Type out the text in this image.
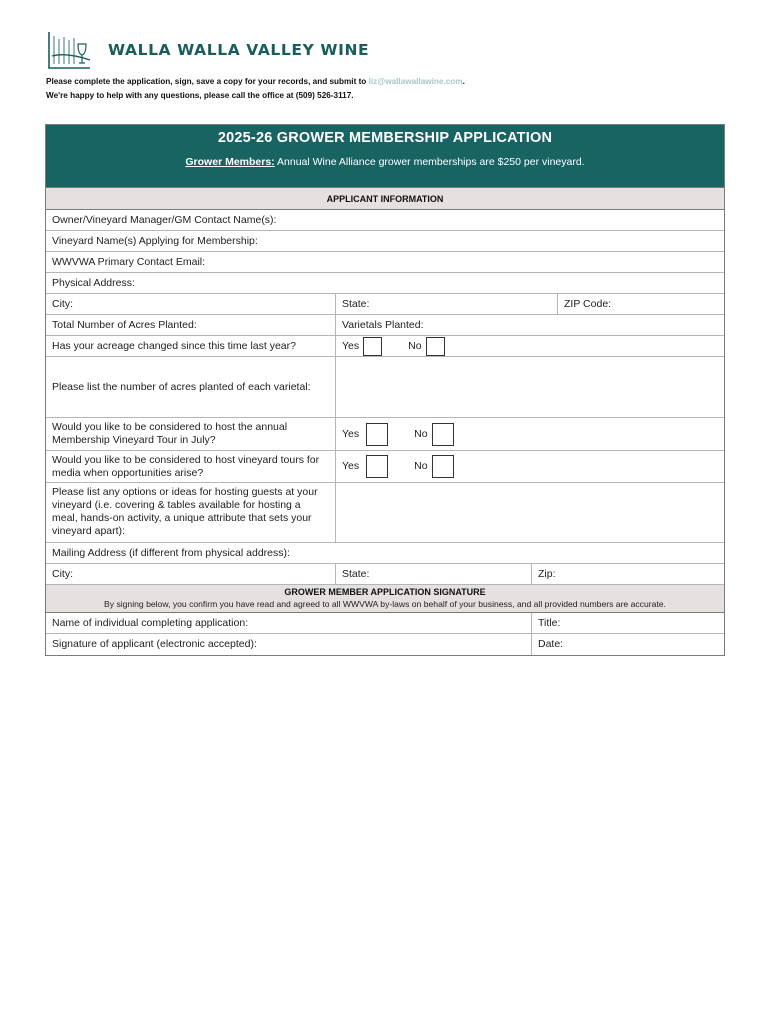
WALLA WALLA VALLEY WINE
Please complete the application, sign, save a copy for your records, and submit to liz@wallawallawine.com.
We're happy to help with any questions, please call the office at (509) 526-3117.
2025-26 GROWER MEMBERSHIP APPLICATION
Grower Members: Annual Wine Alliance grower memberships are $250 per vineyard.
APPLICANT INFORMATION
Owner/Vineyard Manager/GM Contact Name(s):
Vineyard Name(s) Applying for Membership:
WWVWA Primary Contact Email:
Physical Address:
City:	State:	ZIP Code:
Total Number of Acres Planted:	Varietals Planted:
Has your acreage changed since this time last year?	Yes	No
Please list the number of acres planted of each varietal:
Would you like to be considered to host the annual Membership Vineyard Tour in July?
Yes	No
Would you like to be considered to host vineyard tours for media when opportunities arise?
Yes	No
Please list any options or ideas for hosting guests at your vineyard (i.e. covering & tables available for hosting a meal, hands-on activity, a unique attribute that sets your vineyard apart):
Mailing Address (if different from physical address):
City:	State:	Zip:
GROWER MEMBER APPLICATION SIGNATURE
By signing below, you confirm you have read and agreed to all WWVWA by-laws on behalf of your business, and all provided numbers are accurate.
Name of individual completing application:	Title:
Signature of applicant (electronic accepted):	Date:
